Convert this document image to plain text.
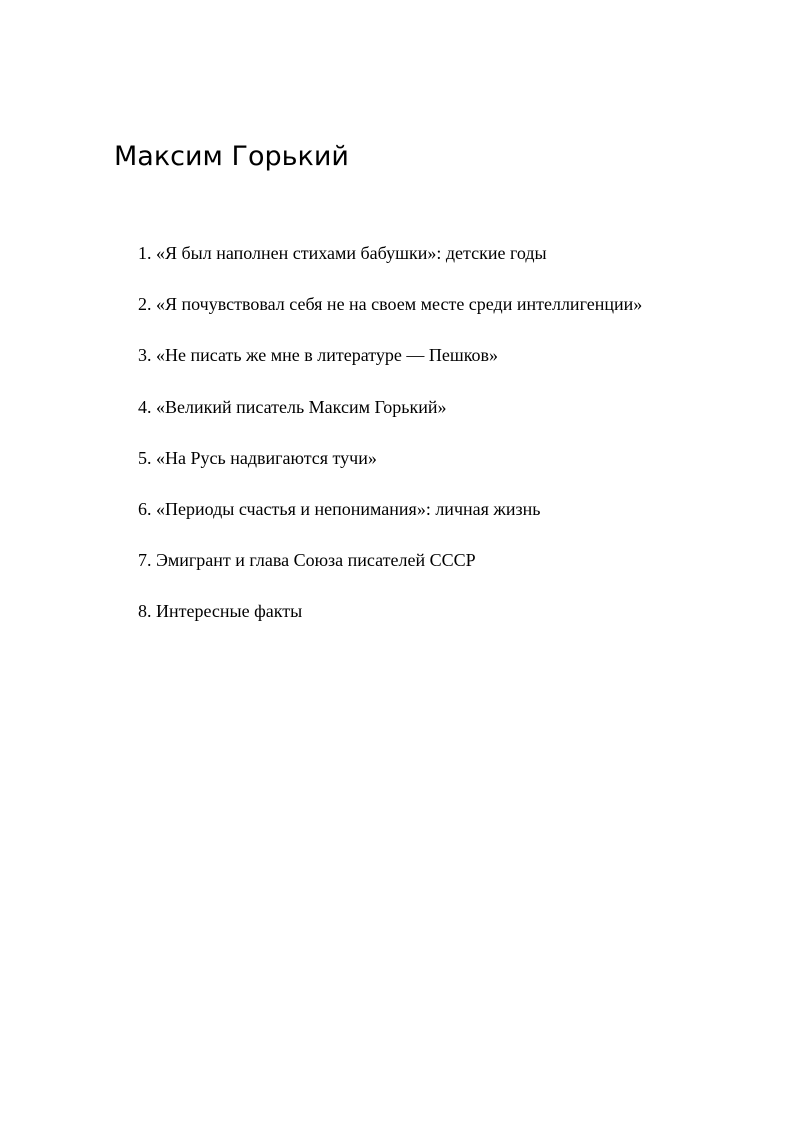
Максим Горький
1. «Я был наполнен стихами бабушки»: детские годы
2. «Я почувствовал себя не на своем месте среди интеллигенции»
3. «Не писать же мне в литературе — Пешков»
4. «Великий писатель Максим Горький»
5. «На Русь надвигаются тучи»
6. «Периоды счастья и непонимания»: личная жизнь
7. Эмигрант и глава Союза писателей СССР
8. Интересные факты
